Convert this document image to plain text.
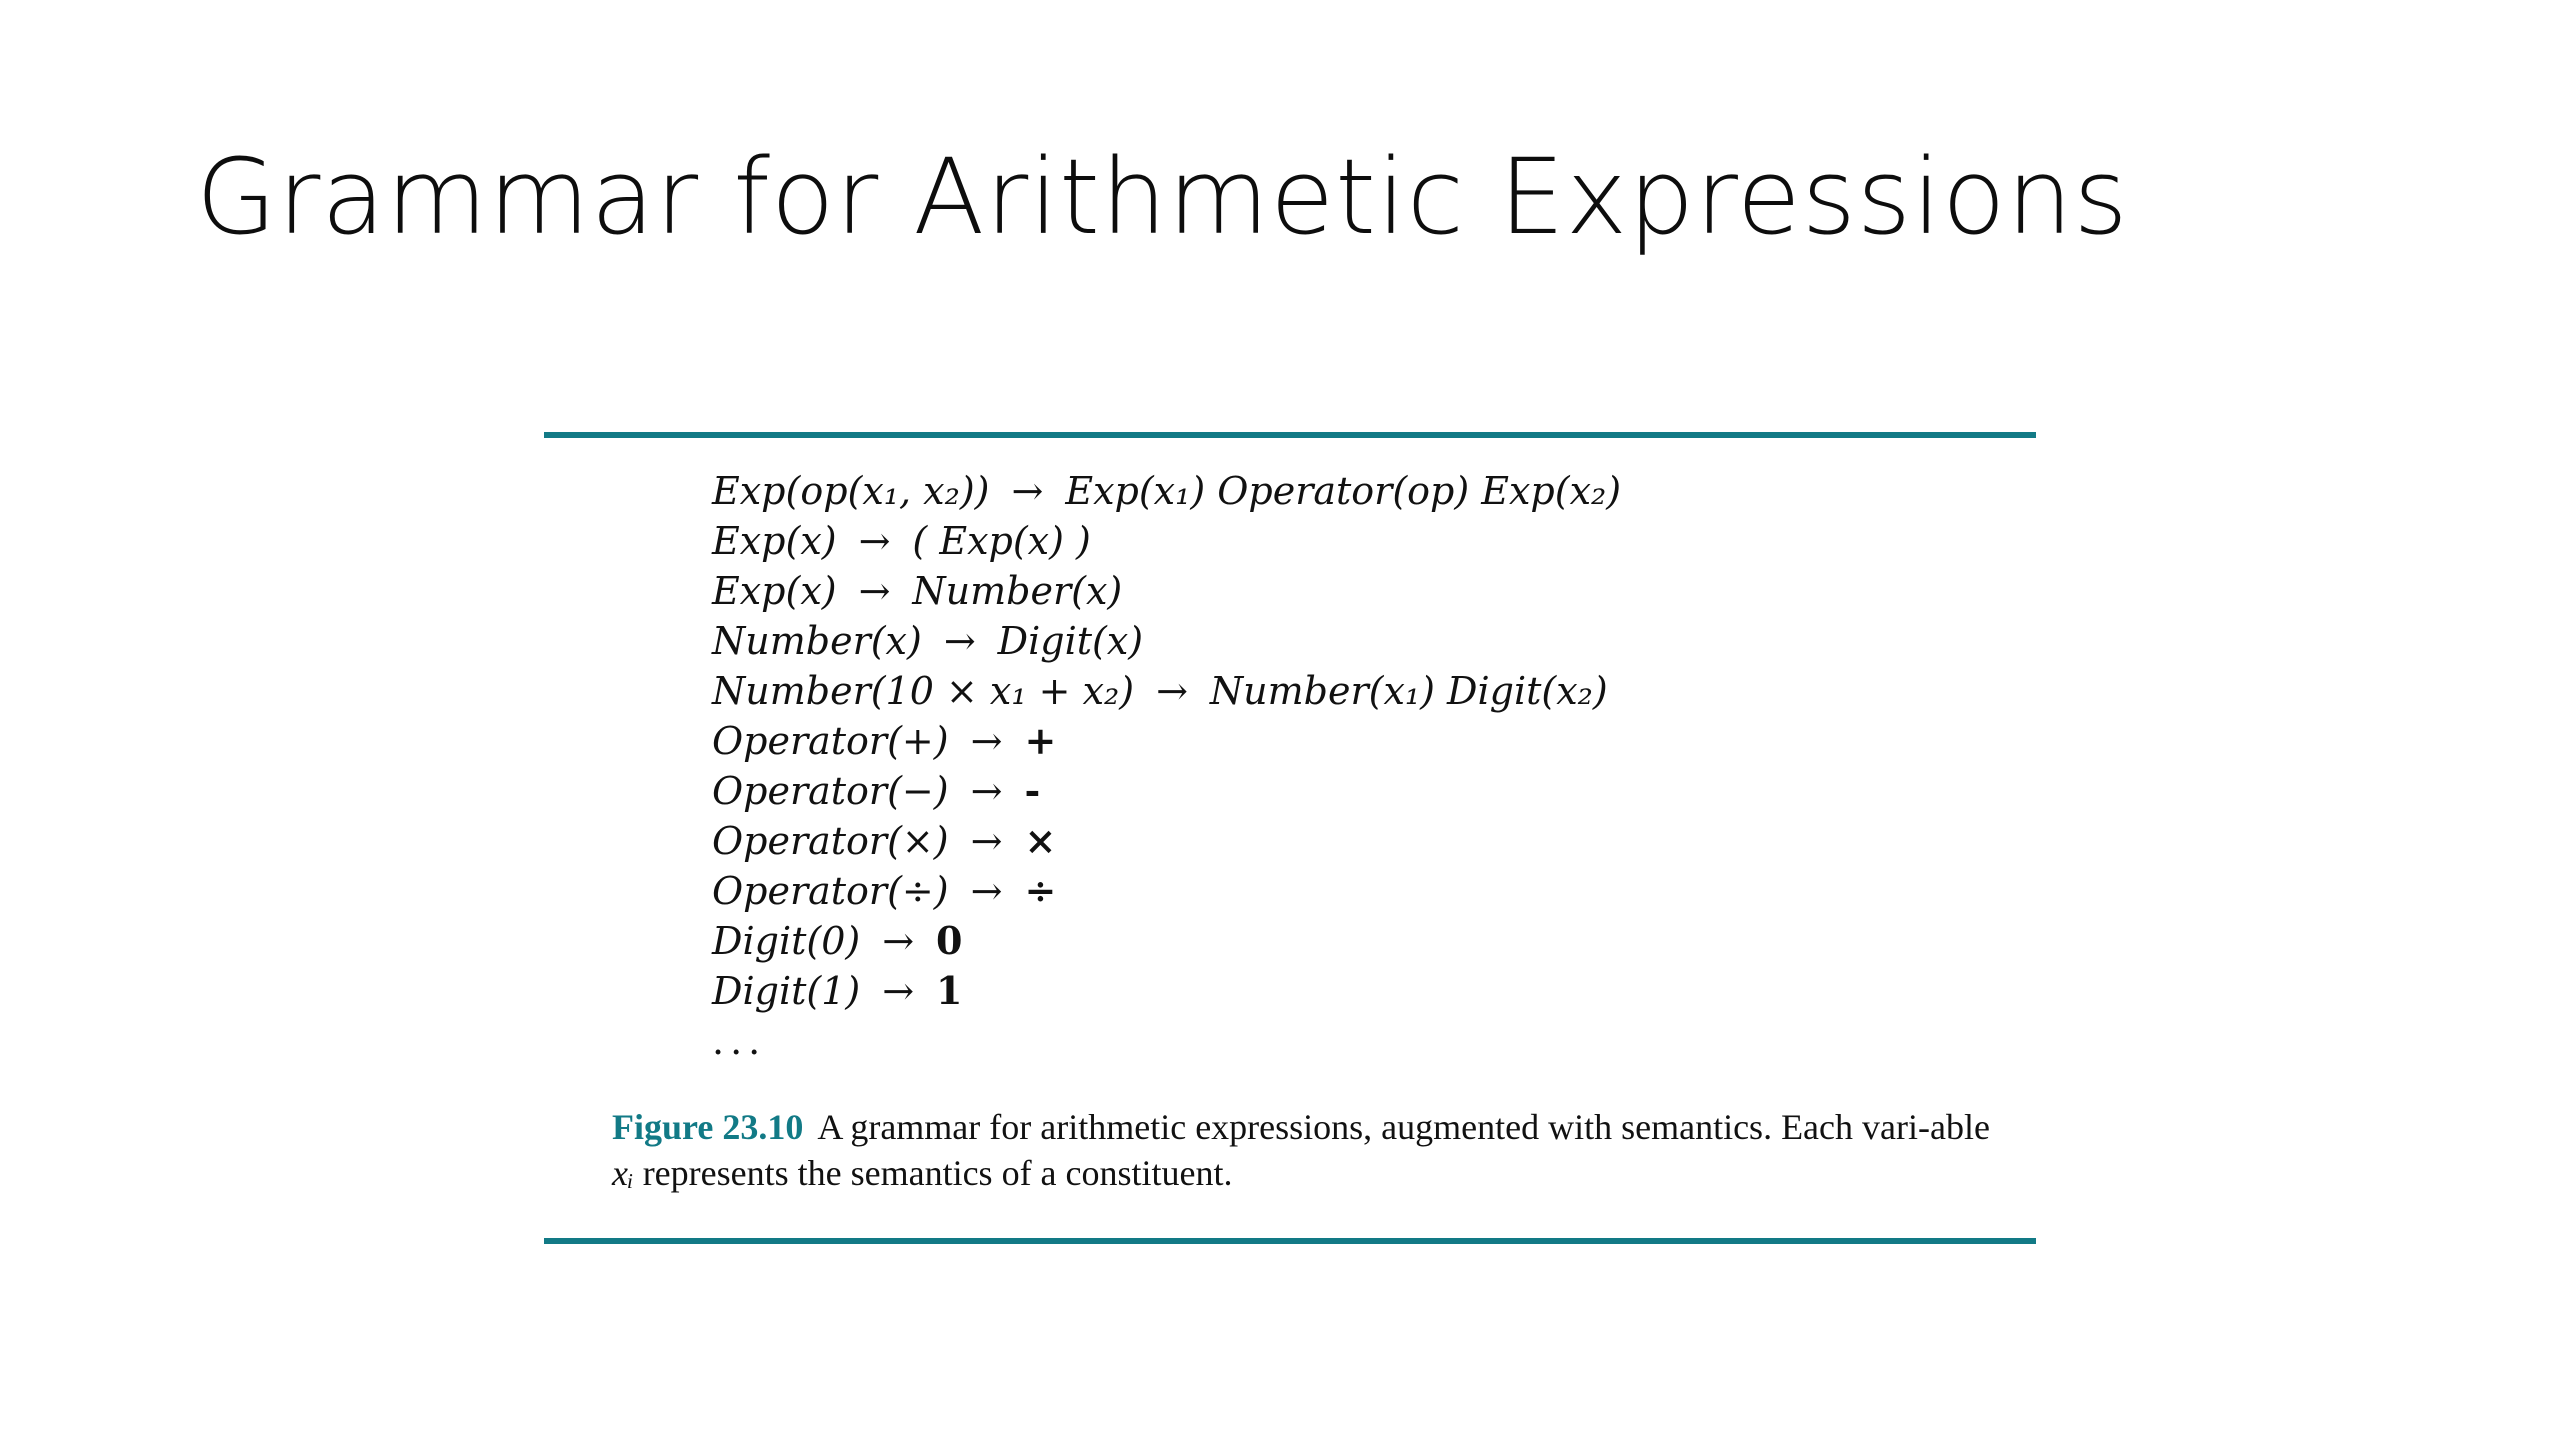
Grammar for Arithmetic Expressions
Exp(op(x₁, x₂)) → Exp(x₁) Operator(op) Exp(x₂)
Exp(x) → ( Exp(x) )
Exp(x) → Number(x)
Number(x) → Digit(x)
Number(10 × x₁ + x₂) → Number(x₁) Digit(x₂)
Operator(+) → +
Operator(−) → -
Operator(×) → ×
Operator(÷) → ÷
Digit(0) → 0
Digit(1) → 1
...
Figure 23.10 A grammar for arithmetic expressions, augmented with semantics. Each vari-able xᵢ represents the semantics of a constituent.
